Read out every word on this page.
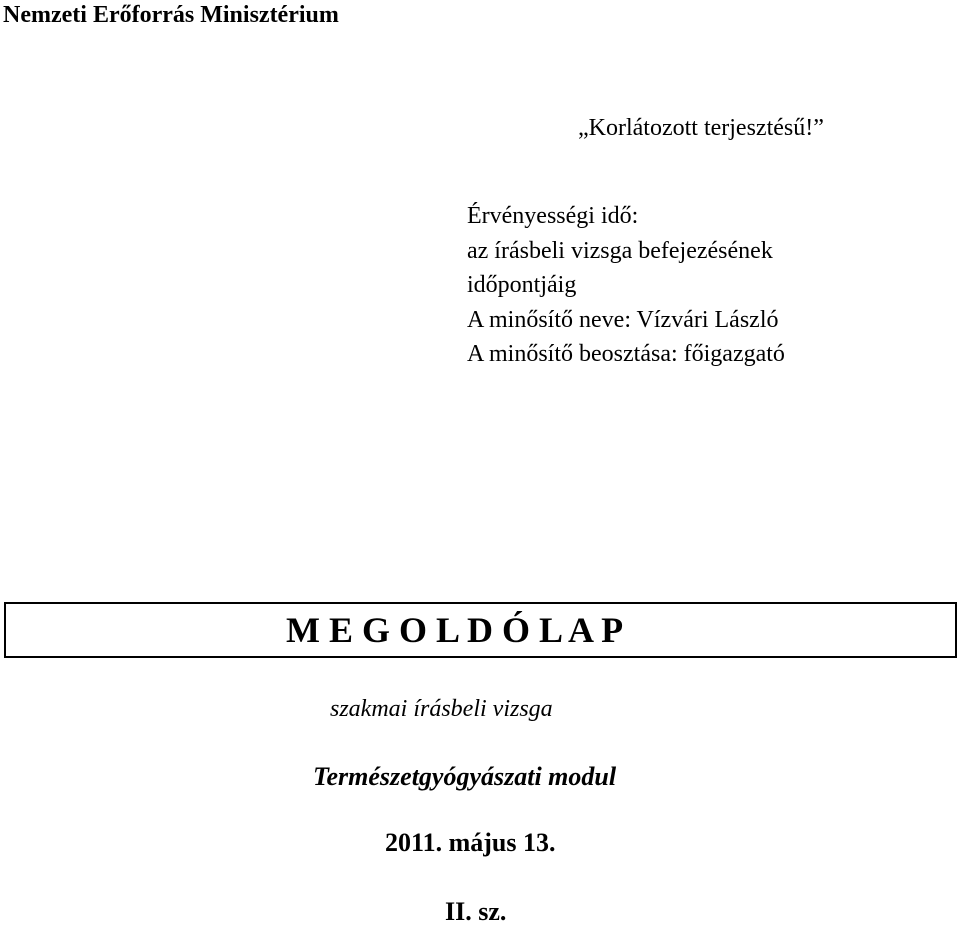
Nemzeti Erőforrás Minisztérium
„Korlátozott terjesztésű!”
Érvényességi idő:
az írásbeli vizsga befejezésének
időpontjáig
A minősítő neve: Vízvári László
A minősítő beosztása: főigazgató
M E G O L D Ó L A P
szakmai írásbeli vizsga
Természetgyógyászati modul
2011. május 13.
II. sz.
